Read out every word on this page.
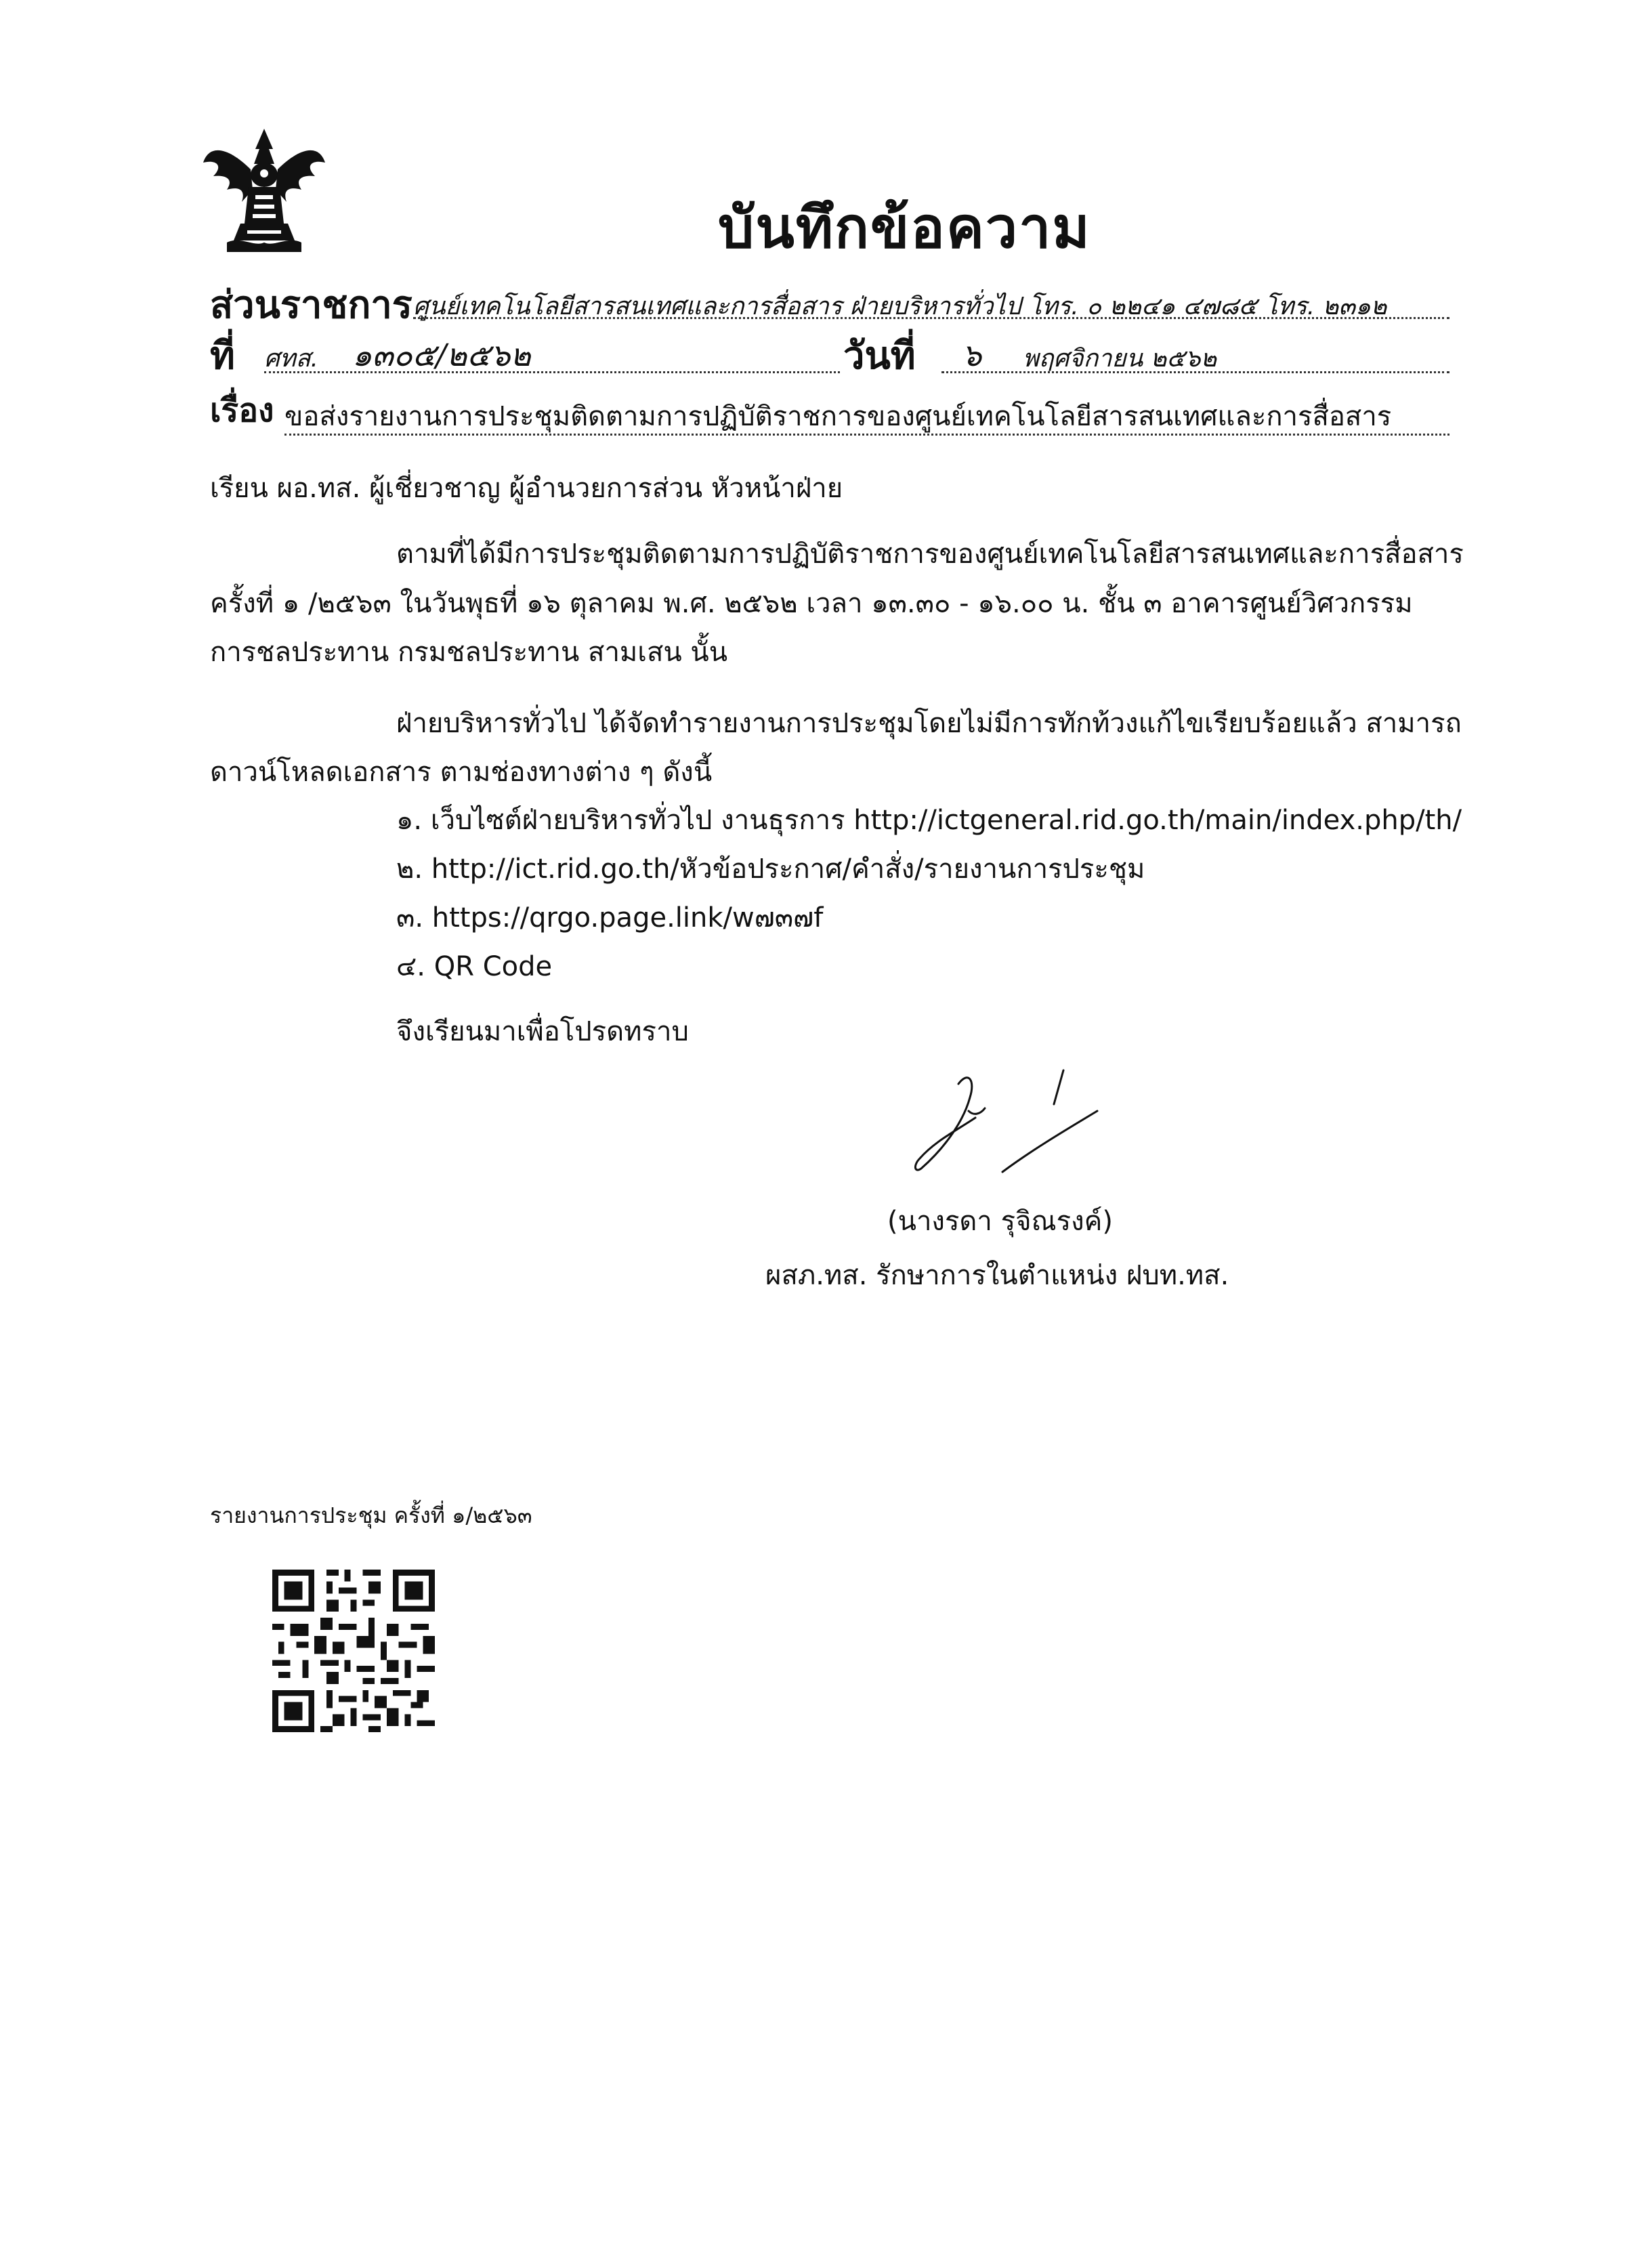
บันทึกข้อความ
ส่วนราชการ ศูนย์เทคโนโลยีสารสนเทศและการสื่อสาร ฝ่ายบริหารทั่วไป โทร. ๐ ๒๒๔๑ ๔๗๘๕ โทร. ๒๓๑๒
ที่ ศทส. ๑๓๐๕/๒๕๖๒	วันที่ ๖ พฤศจิกายน ๒๕๖๒
เรื่อง ขอส่งรายงานการประชุมติดตามการปฏิบัติราชการของศูนย์เทคโนโลยีสารสนเทศและการสื่อสาร
เรียน ผอ.ทส. ผู้เชี่ยวชาญ ผู้อำนวยการส่วน หัวหน้าฝ่าย
ตามที่ได้มีการประชุมติดตามการปฏิบัติราชการของศูนย์เทคโนโลยีสารสนเทศและการสื่อสาร
ครั้งที่ ๑ /๒๕๖๓ ในวันพุธที่ ๑๖ ตุลาคม พ.ศ. ๒๕๖๒ เวลา ๑๓.๓๐ - ๑๖.๐๐ น. ชั้น ๓ อาคารศูนย์วิศวกรรม
การชลประทาน กรมชลประทาน สามเสน นั้น
ฝ่ายบริหารทั่วไป ได้จัดทำรายงานการประชุมโดยไม่มีการทักท้วงแก้ไขเรียบร้อยแล้ว สามารถ
ดาวน์โหลดเอกสาร ตามช่องทางต่าง ๆ ดังนี้
๑. เว็บไซต์ฝ่ายบริหารทั่วไป งานธุรการ http://ictgeneral.rid.go.th/main/index.php/th/
๒. http://ict.rid.go.th/หัวข้อประกาศ/คำสั่ง/รายงานการประชุม
๓. https://qrgo.page.link/w๗๓๗f
๔. QR Code
จึงเรียนมาเพื่อโปรดทราบ
(นางรดา รุจิณรงค์)
ผสภ.ทส. รักษาการในตำแหน่ง ฝบท.ทส.
รายงานการประชุม ครั้งที่ ๑/๒๕๖๓
